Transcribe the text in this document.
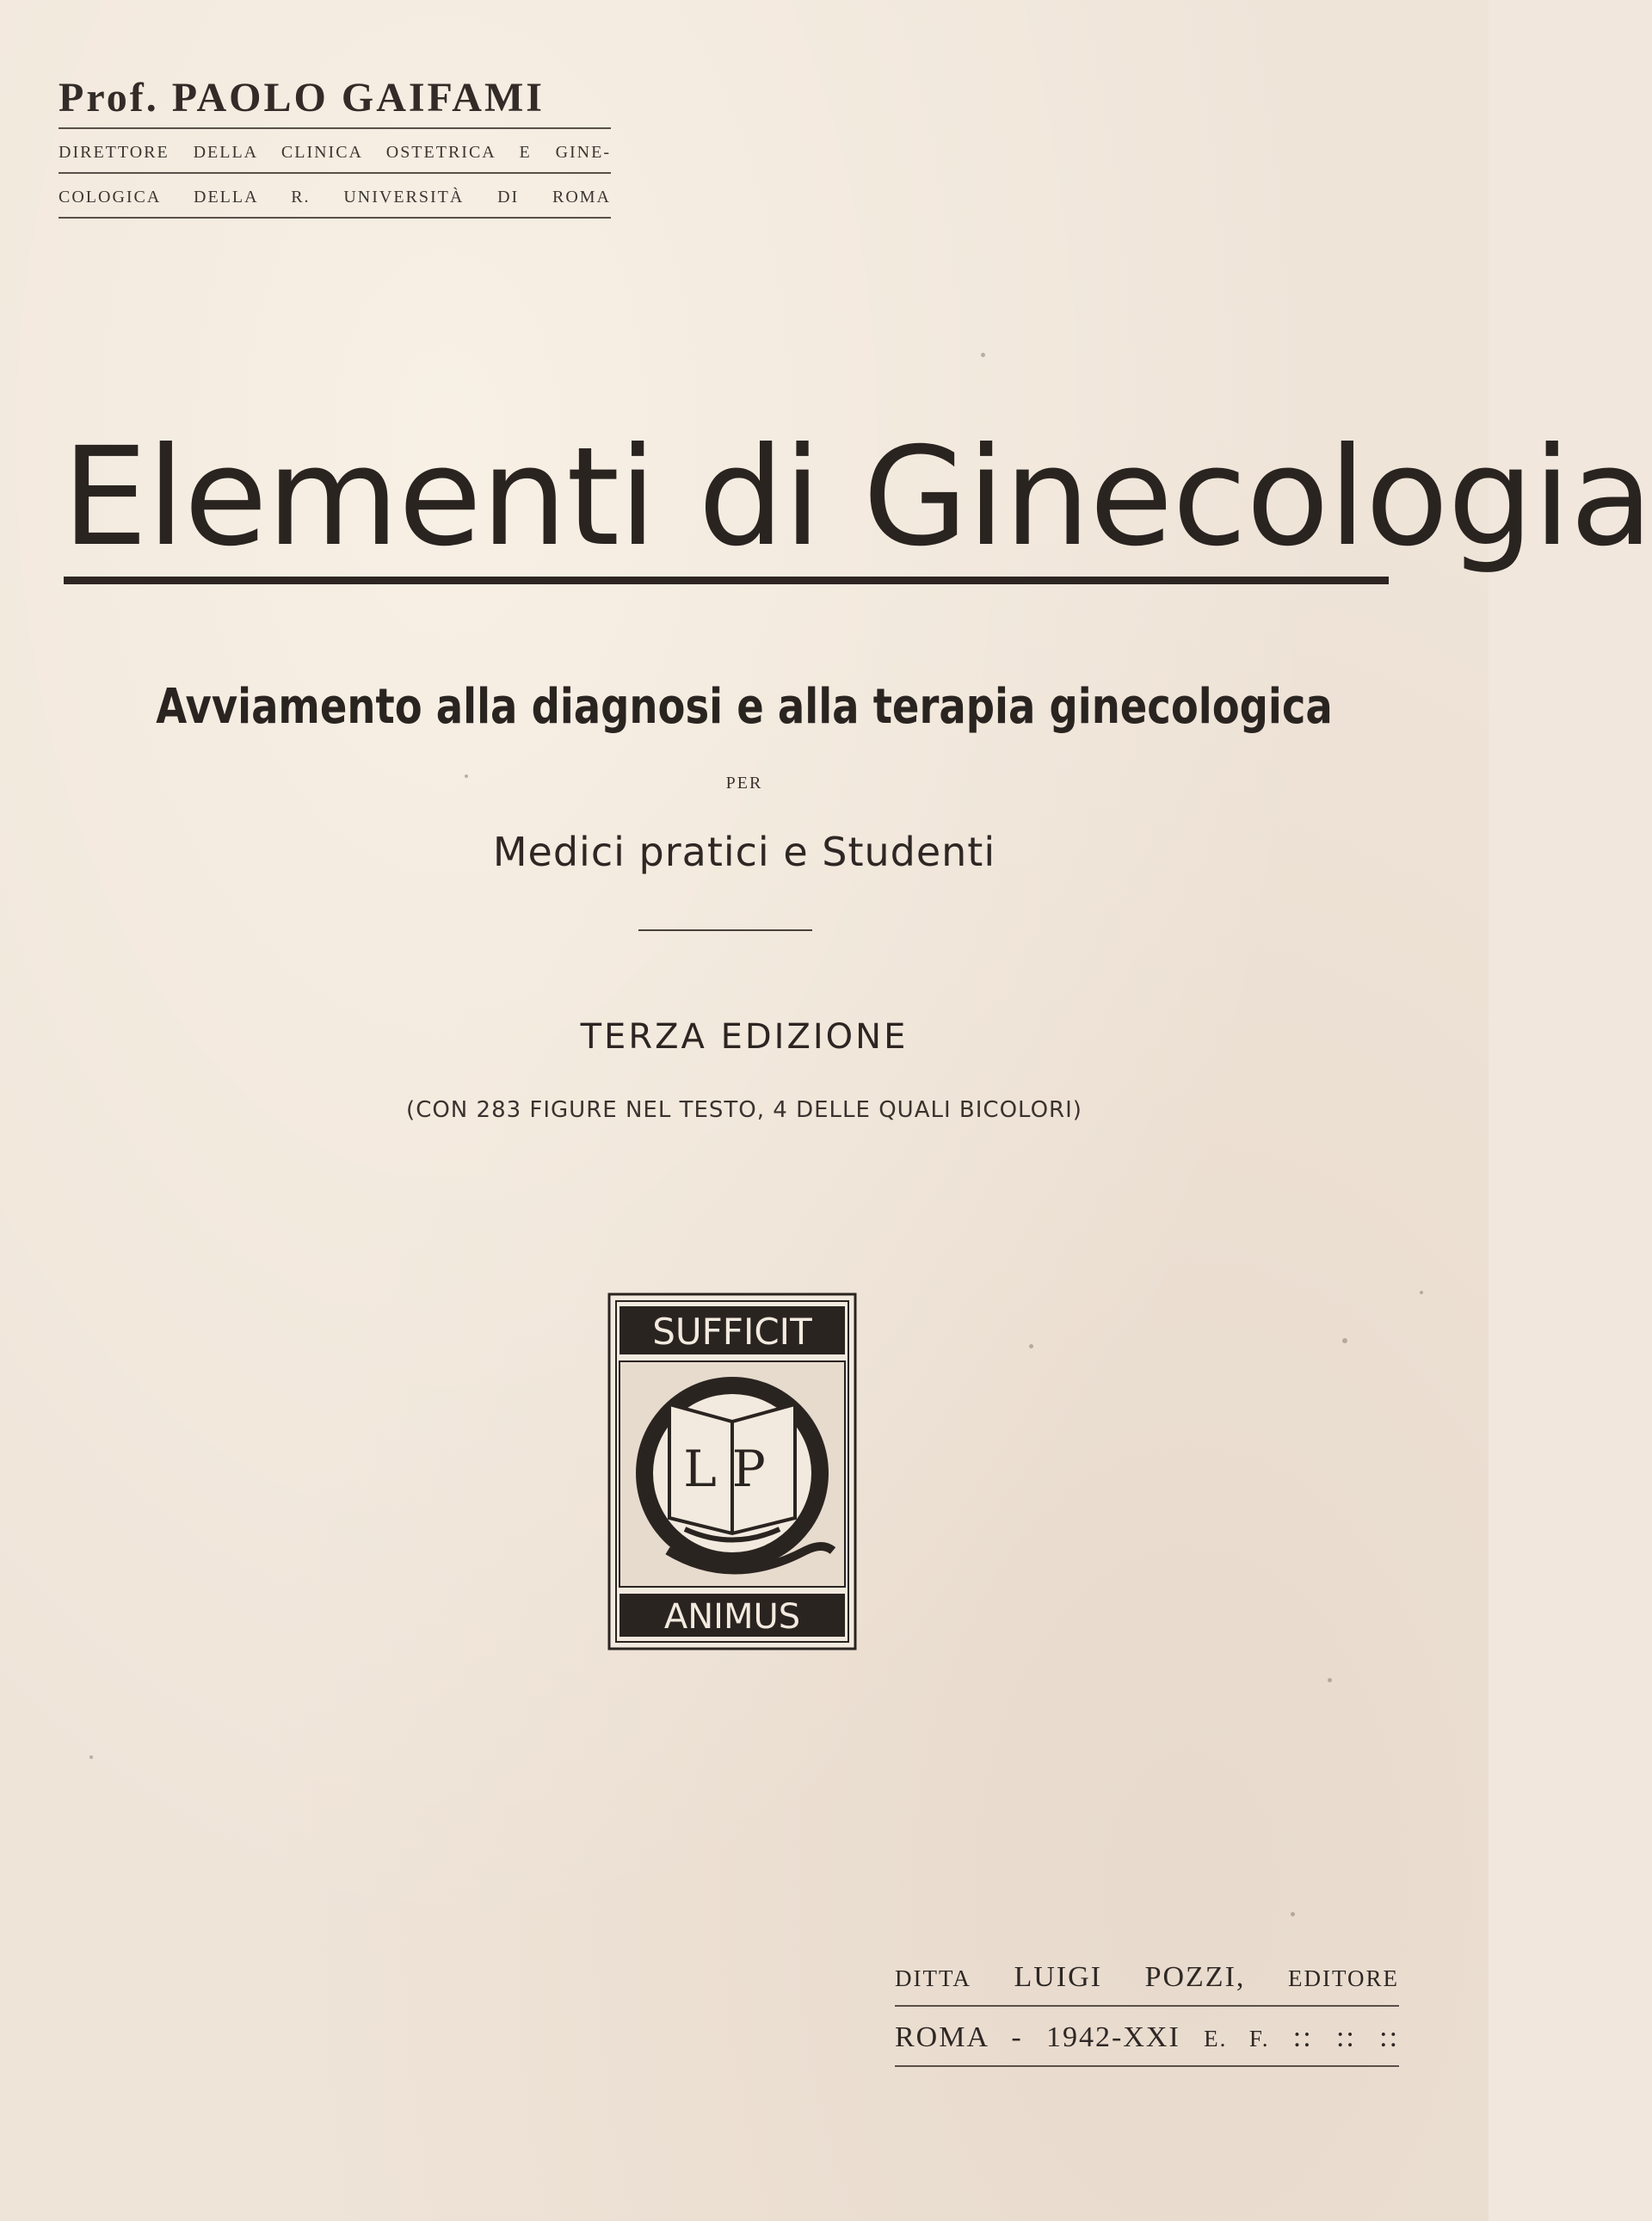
Prof. PAOLO GAIFAMI
DIRETTORE DELLA CLINICA OSTETRICA E GINE-
COLOGICA DELLA R. UNIVERSITÀ DI ROMA
Elementi di Ginecologia
Avviamento alla diagnosi e alla terapia ginecologica
PER
Medici pratici e Studenti
TERZA EDIZIONE
(CON 283 FIGURE NEL TESTO, 4 DELLE QUALI BICOLORI)
SUFFICIT
LP
ANIMUS
DITTA LUIGI POZZI, EDITORE
ROMA - 1942-XXI E. F. :: :: ::
